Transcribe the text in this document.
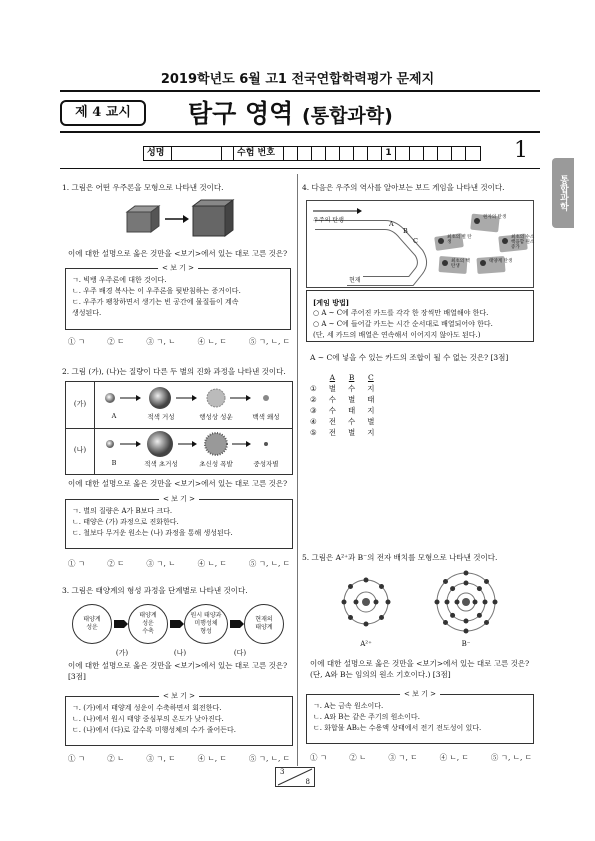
2019학년도 6월 고1 전국연합학력평가 문제지
제 4 교시	탐구 영역 (통합과학)
성명	수험 번호	1	1
통합과학
1. 그림은 어떤 우주론을 모형으로 나타낸 것이다.
이에 대한 설명으로 옳은 것만을 <보기>에서 있는 대로 고른 것은?
< 보 기 >
ㄱ. 빅뱅 우주론에 대한 것이다.
ㄴ. 우주 배경 복사는 이 우주론을 뒷받침하는 증거이다.
ㄷ. 우주가 팽창하면서 생기는 빈 공간에 물질들이 계속
생성된다.
① ㄱ	② ㄷ	③ ㄱ, ㄴ	④ ㄴ, ㄷ	⑤ ㄱ, ㄴ, ㄷ
2. 그림 (가), (나)는 질량이 다른 두 별의 진화 과정을 나타낸 것이다.
(가)
(나)
A	적색 거성	행성상 성운	백색 왜성
B	적색 초거성	초신성 폭발	중성자별
이에 대한 설명으로 옳은 것만을 <보기>에서 있는 대로 고른 것은?
< 보 기 >
ㄱ. 별의 질량은 A가 B보다 크다.
ㄴ. 태양은 (가) 과정으로 진화한다.
ㄷ. 철보다 무거운 원소는 (나) 과정을 통해 생성된다.
① ㄱ	② ㄷ	③ ㄱ, ㄴ	④ ㄴ, ㄷ	⑤ ㄱ, ㄴ, ㄷ
3. 그림은 태양계의 형성 과정을 단계별로 나타낸 것이다.
태양계
성운
태양계
성운
수축
원시 태양과
미행성체
형성
현재의
태양계
(가)	(나)	(다)
이에 대한 설명으로 옳은 것만을 <보기>에서 있는 대로 고른 것은? [3점]
< 보 기 >
ㄱ. (가)에서 태양계 성운이 수축하면서 회전한다.
ㄴ. (나)에서 원시 태양 중심부의 온도가 낮아진다.
ㄷ. (나)에서 (다)로 갈수록 미행성체의 수가 줄어든다.
① ㄱ	② ㄴ	③ ㄱ, ㄷ	④ ㄴ, ㄷ	⑤ ㄱ, ㄴ, ㄷ
4. 다음은 우주의 역사를 알아보는 보드 게임을 나타낸 것이다.
우주의 탄생
현재
A
B
C	최초의 별 탄생
원자의 탄생
최초의 수소 핵융합 원소 증가
최초의 핵 탄생
태양계 탄생
[게임 방법]
○ A ~ C에 주어진 카드를 각각 한 장씩만 배열해야 한다.
○ A ~ C에 들어갈 카드는 시간 순서대로 배열되어야 한다.
(단, 세 카드의 배열은 연속해서 이어지지 않아도 된다.)
A ~ C에 넣을 수 있는 카드의 조합이 될 수 없는 것은? [3점]
	A	B	C
①	별	수	지
②	수	별	태
③	수	태	지
④	전	수	별
⑤	전	별	지
5. 그림은 A²⁺과 B⁻의 전자 배치를 모형으로 나타낸 것이다.
A²⁺	B⁻
이에 대한 설명으로 옳은 것만을 <보기>에서 있는 대로 고른 것은? (단, A와 B는 임의의 원소 기호이다.) [3점]
< 보 기 >
ㄱ. A는 금속 원소이다.
ㄴ. A와 B는 같은 주기의 원소이다.
ㄷ. 화합물 AB₂는 수용액 상태에서 전기 전도성이 있다.
① ㄱ	② ㄴ	③ ㄱ, ㄷ	④ ㄴ, ㄷ	⑤ ㄱ, ㄴ, ㄷ
3
8
